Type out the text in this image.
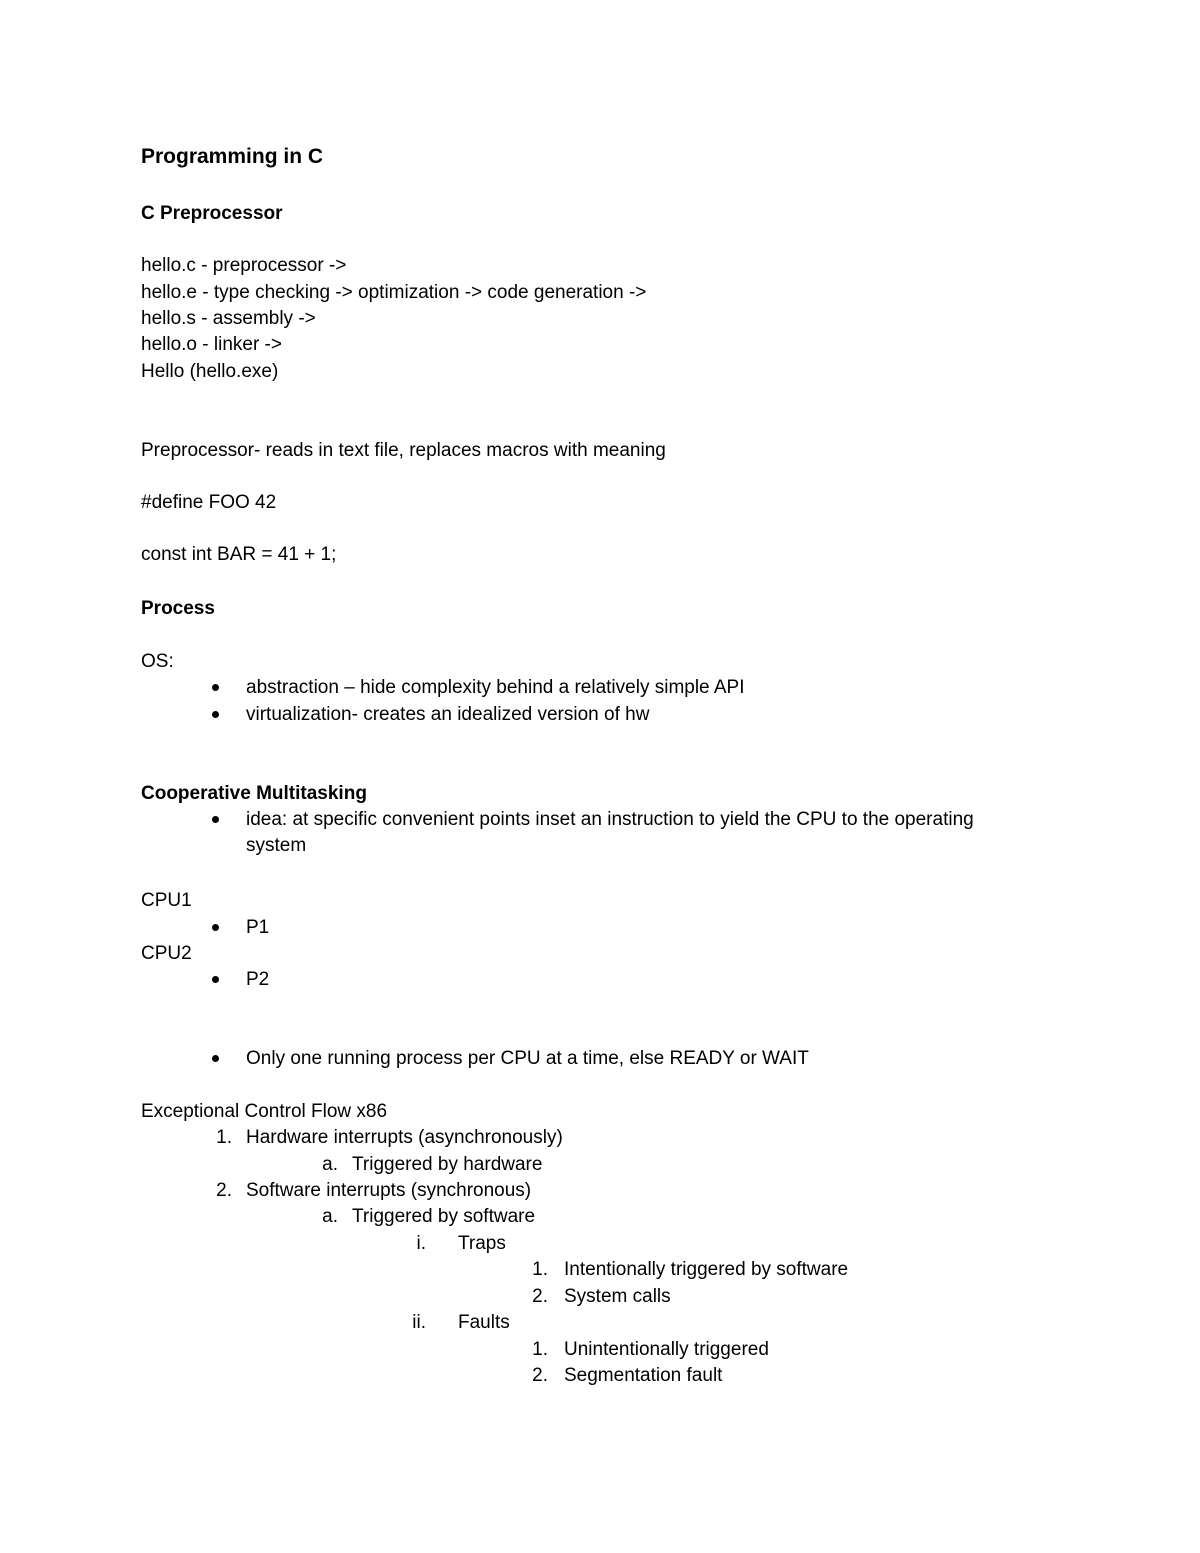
Programming in C
C Preprocessor
hello.c - preprocessor ->
hello.e - type checking -> optimization -> code generation ->
hello.s - assembly ->
hello.o - linker ->
Hello (hello.exe)
Preprocessor- reads in text file, replaces macros with meaning
#define FOO 42
const int BAR = 41 + 1;
Process
OS:
abstraction – hide complexity behind a relatively simple API
virtualization- creates an idealized version of hw
Cooperative Multitasking
idea: at specific convenient points inset an instruction to yield the CPU to the operating
system
CPU1
P1
CPU2
P2
Only one running process per CPU at a time, else READY or WAIT
Exceptional Control Flow x86
1. Hardware interrupts (asynchronously)
a. Triggered by hardware
2. Software interrupts (synchronous)
a. Triggered by software
i. Traps
1. Intentionally triggered by software
2. System calls
ii. Faults
1. Unintentionally triggered
2. Segmentation fault
